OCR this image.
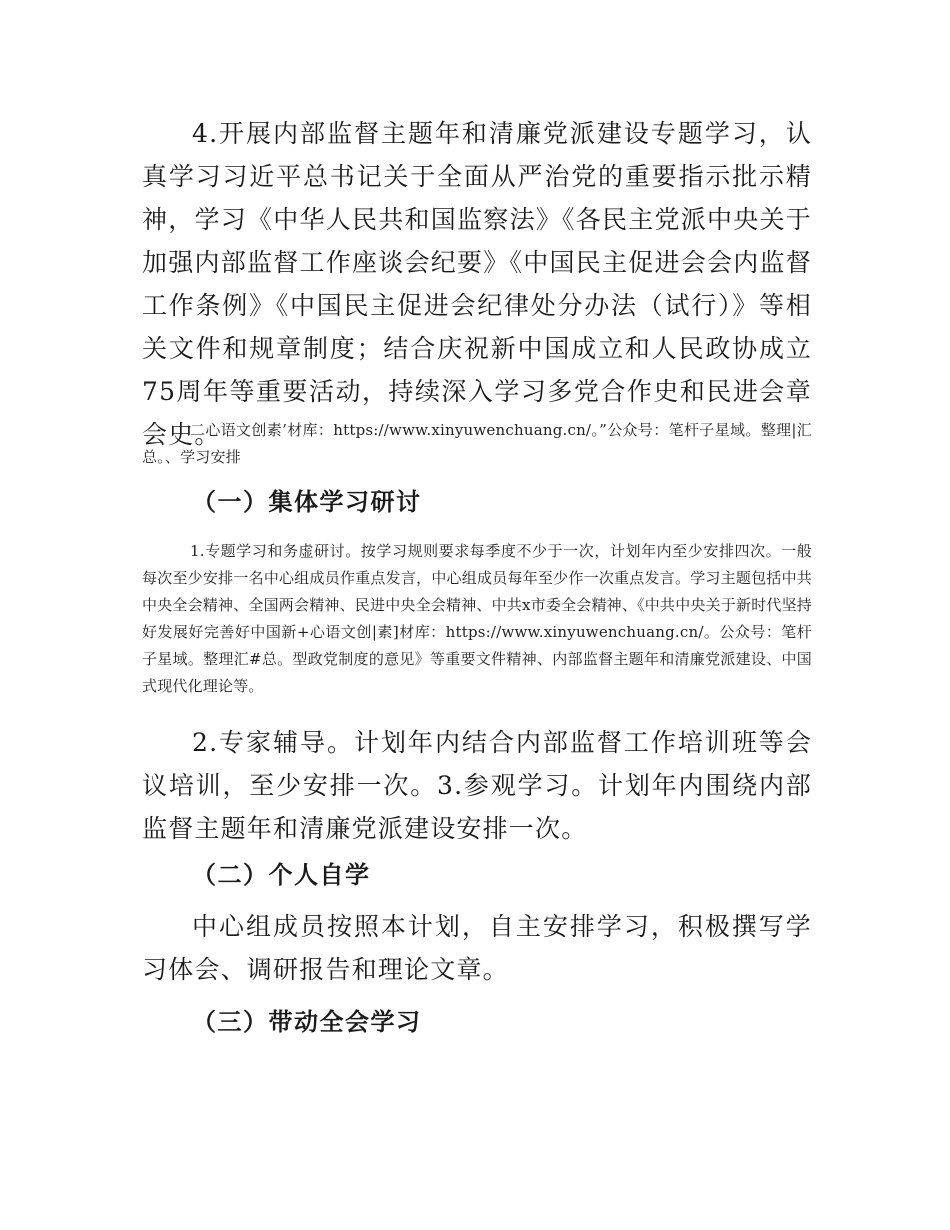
4.开展内部监督主题年和清廉党派建设专题学习，认真学习习近平总书记关于全面从严治党的重要指示批示精神，学习《中华人民共和国监察法》《各民主党派中央关于加强内部监督工作座谈会纪要》《中国民主促进会会内监督工作条例》《中国民主促进会纪律处分办法（试行）》等相关文件和规章制度；结合庆祝新中国成立和人民政协成立75周年等重要活动，持续深入学习多党合作史和民进会章会史。

二心语文创素’材库：https://www.xinyuwenchuang.cn/。”公众号：笔杆子星域。整理|汇总。、学习安排

（一）集体学习研讨

1.专题学习和务虚研讨。按学习规则要求每季度不少于一次，计划年内至少安排四次。一般每次至少安排一名中心组成员作重点发言，中心组成员每年至少作一次重点发言。学习主题包括中共中央全会精神、全国两会精神、民进中央全会精神、中共x市委全会精神、《中共中央关于新时代坚持好发展好完善好中国新+心语文创|素]材库：https://www.xinyuwenchuang.cn/。公众号：笔杆子星域。整理汇#总。型政党制度的意见》等重要文件精神、内部监督主题年和清廉党派建设、中国式现代化理论等。

2.专家辅导。计划年内结合内部监督工作培训班等会议培训，至少安排一次。3.参观学习。计划年内围绕内部监督主题年和清廉党派建设安排一次。

（二）个人自学

中心组成员按照本计划，自主安排学习，积极撰写学习体会、调研报告和理论文章。

（三）带动全会学习
